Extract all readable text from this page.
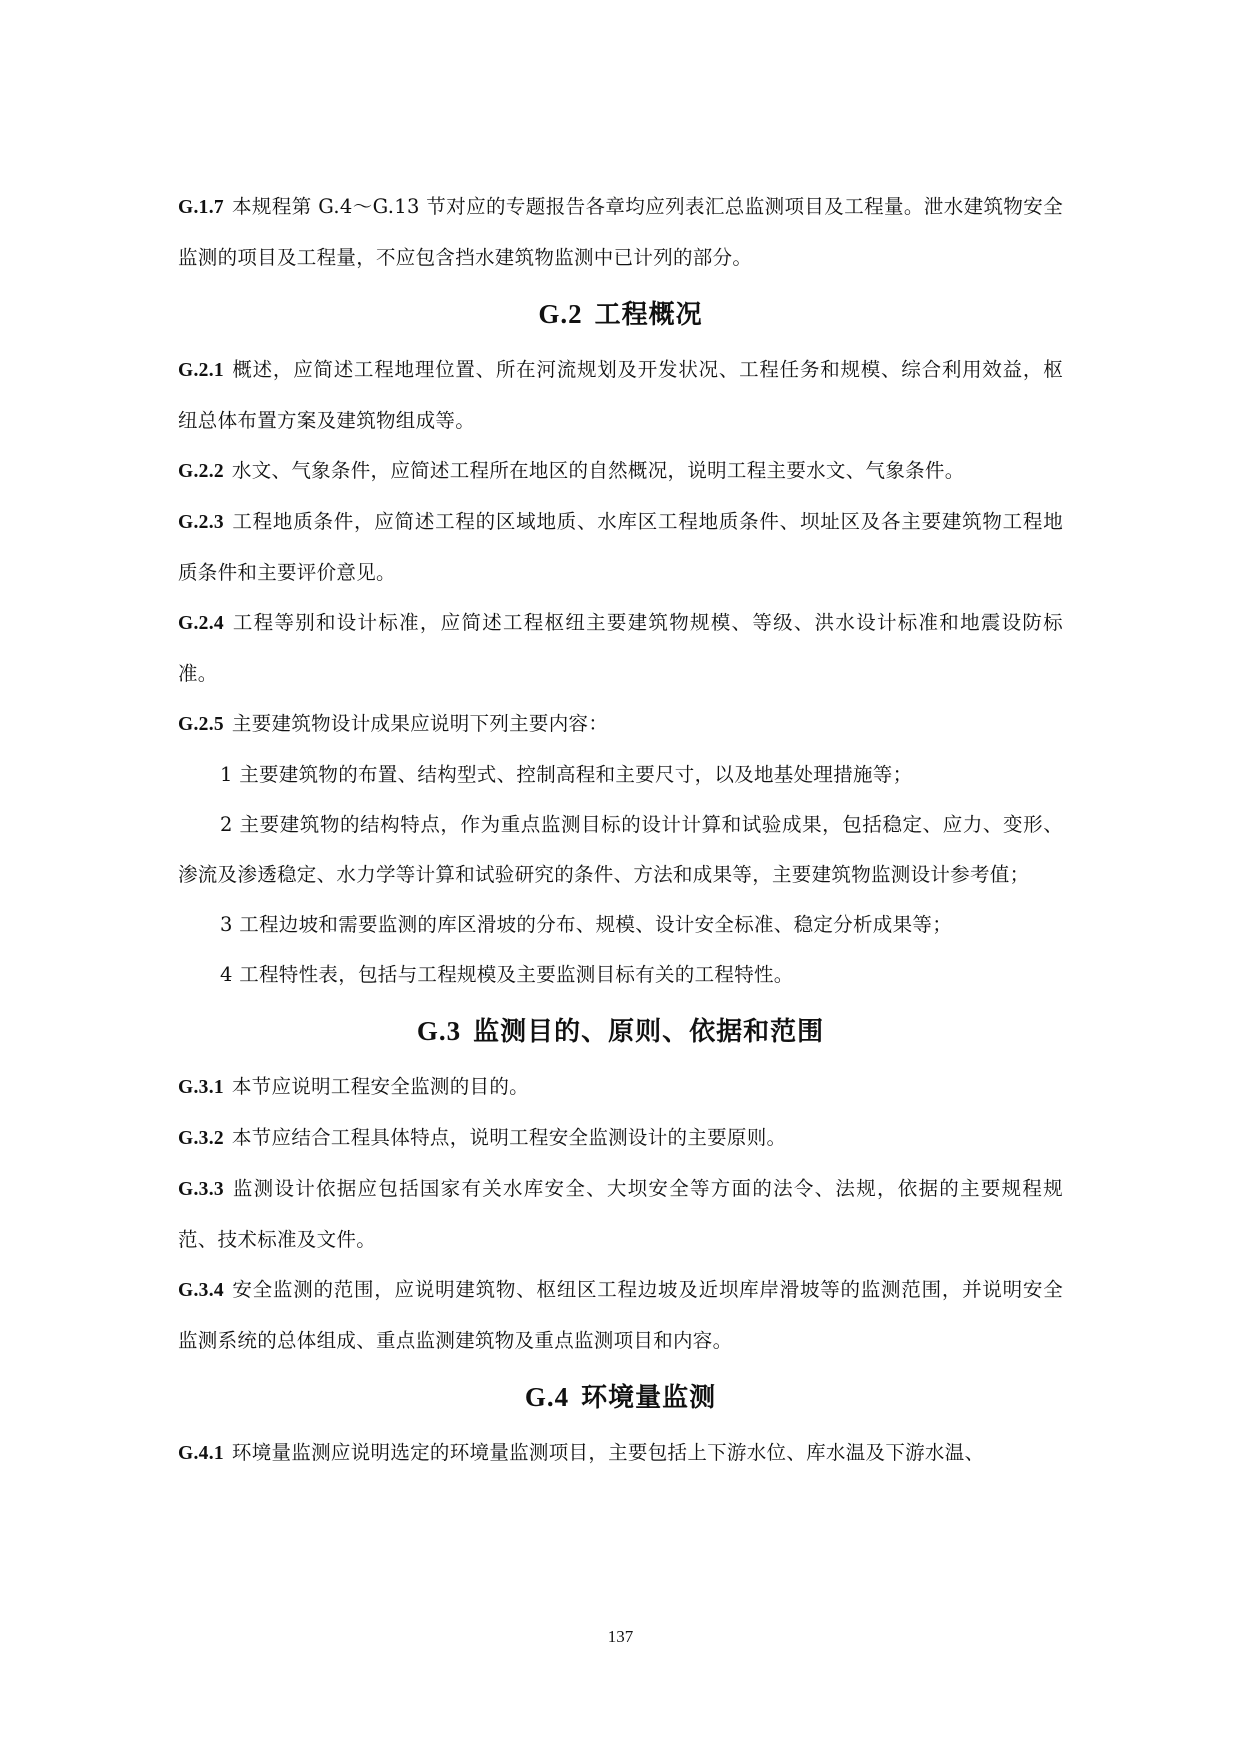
G.1.7 本规程第 G.4～G.13 节对应的专题报告各章均应列表汇总监测项目及工程量。泄水建筑物安全监测的项目及工程量，不应包含挡水建筑物监测中已计列的部分。

G.2 工程概况

G.2.1 概述，应简述工程地理位置、所在河流规划及开发状况、工程任务和规模、综合利用效益，枢纽总体布置方案及建筑物组成等。

G.2.2 水文、气象条件，应简述工程所在地区的自然概况，说明工程主要水文、气象条件。

G.2.3 工程地质条件，应简述工程的区域地质、水库区工程地质条件、坝址区及各主要建筑物工程地质条件和主要评价意见。

G.2.4 工程等别和设计标准，应简述工程枢纽主要建筑物规模、等级、洪水设计标准和地震设防标准。

G.2.5 主要建筑物设计成果应说明下列主要内容：

1 主要建筑物的布置、结构型式、控制高程和主要尺寸，以及地基处理措施等；

2 主要建筑物的结构特点，作为重点监测目标的设计计算和试验成果，包括稳定、应力、变形、渗流及渗透稳定、水力学等计算和试验研究的条件、方法和成果等，主要建筑物监测设计参考值；

3 工程边坡和需要监测的库区滑坡的分布、规模、设计安全标准、稳定分析成果等；

4 工程特性表，包括与工程规模及主要监测目标有关的工程特性。

G.3 监测目的、原则、依据和范围

G.3.1 本节应说明工程安全监测的目的。

G.3.2 本节应结合工程具体特点，说明工程安全监测设计的主要原则。

G.3.3 监测设计依据应包括国家有关水库安全、大坝安全等方面的法令、法规，依据的主要规程规范、技术标准及文件。

G.3.4 安全监测的范围，应说明建筑物、枢纽区工程边坡及近坝库岸滑坡等的监测范围，并说明安全监测系统的总体组成、重点监测建筑物及重点监测项目和内容。

G.4 环境量监测

G.4.1 环境量监测应说明选定的环境量监测项目，主要包括上下游水位、库水温及下游水温、

137
